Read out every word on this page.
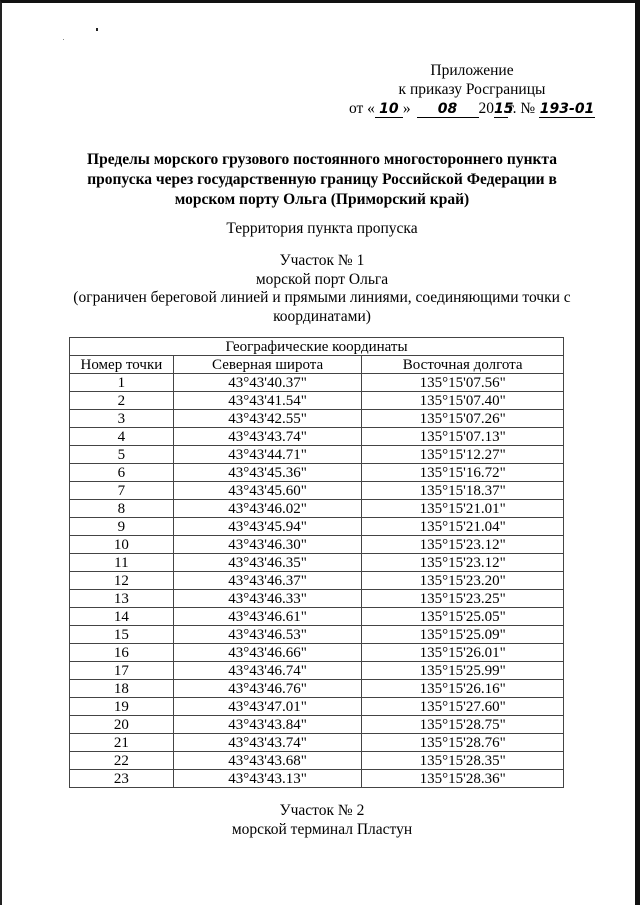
Приложение
к приказу Росграницы
от « 10 » 08 2015г. № 193-01
Пределы морского грузового постоянного многостороннего пункта
пропуска через государственную границу Российской Федерации в
морском порту Ольга (Приморский край)
Территория пункта пропуска
Участок № 1
морской порт Ольга
(ограничен береговой линией и прямыми линиями, соединяющими точки с
координатами)
Географические координаты		
Номер точки	Северная широта	Восточная долгота
1	43°43'40.37"	135°15'07.56"
2	43°43'41.54"	135°15'07.40"
3	43°43'42.55"	135°15'07.26"
4	43°43'43.74"	135°15'07.13"
5	43°43'44.71"	135°15'12.27"
6	43°43'45.36"	135°15'16.72"
7	43°43'45.60"	135°15'18.37"
8	43°43'46.02"	135°15'21.01"
9	43°43'45.94"	135°15'21.04"
10	43°43'46.30"	135°15'23.12"
11	43°43'46.35"	135°15'23.12"
12	43°43'46.37"	135°15'23.20"
13	43°43'46.33"	135°15'23.25"
14	43°43'46.61"	135°15'25.05"
15	43°43'46.53"	135°15'25.09"
16	43°43'46.66"	135°15'26.01"
17	43°43'46.74"	135°15'25.99"
18	43°43'46.76"	135°15'26.16"
19	43°43'47.01"	135°15'27.60"
20	43°43'43.84"	135°15'28.75"
21	43°43'43.74"	135°15'28.76"
22	43°43'43.68"	135°15'28.35"
23	43°43'43.13"	135°15'28.36"
Участок № 2
морской терминал Пластун
